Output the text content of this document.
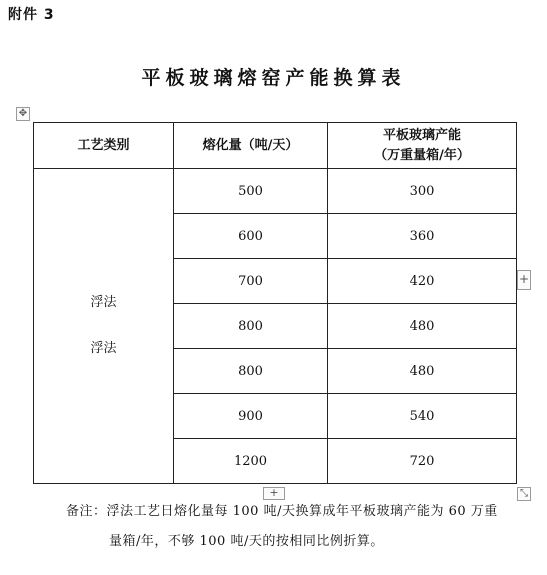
附件 3
平板玻璃熔窑产能换算表
✥
工艺类别	熔化量（吨/天）	平板玻璃产能
（万重量箱/年）
浮法
浮法	500	300
	600	360
	700	420
	800	480
	800	480
	900	540
	1200	720
+
+	⤡
备注：浮法工艺日熔化量每 100 吨/天换算成年平板玻璃产能为 60 万重
量箱/年，不够 100 吨/天的按相同比例折算。
